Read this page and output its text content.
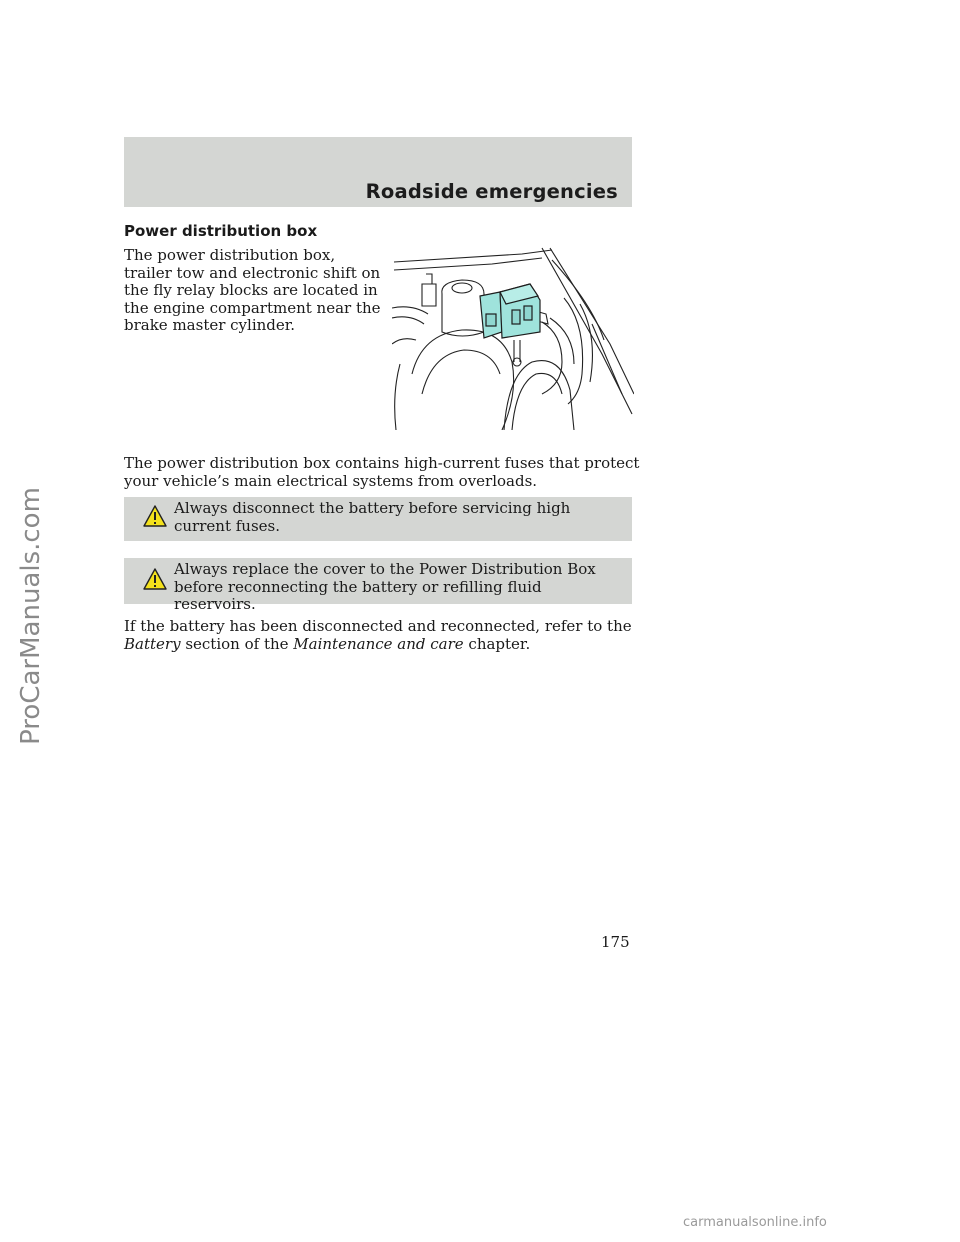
Roadside emergencies
Power distribution box
The power distribution box, trailer tow and electronic shift on the fly relay blocks are located in the engine compartment near the brake master cylinder.
The power distribution box contains high-current fuses that protect your vehicle’s main electrical systems from overloads.
Always disconnect the battery before servicing high current fuses.
Always replace the cover to the Power Distribution Box before reconnecting the battery or refilling fluid reservoirs.
If the battery has been disconnected and reconnected, refer to the
Battery section of the Maintenance and care chapter.
175
ProCarManuals.com
carmanualsonline.info
